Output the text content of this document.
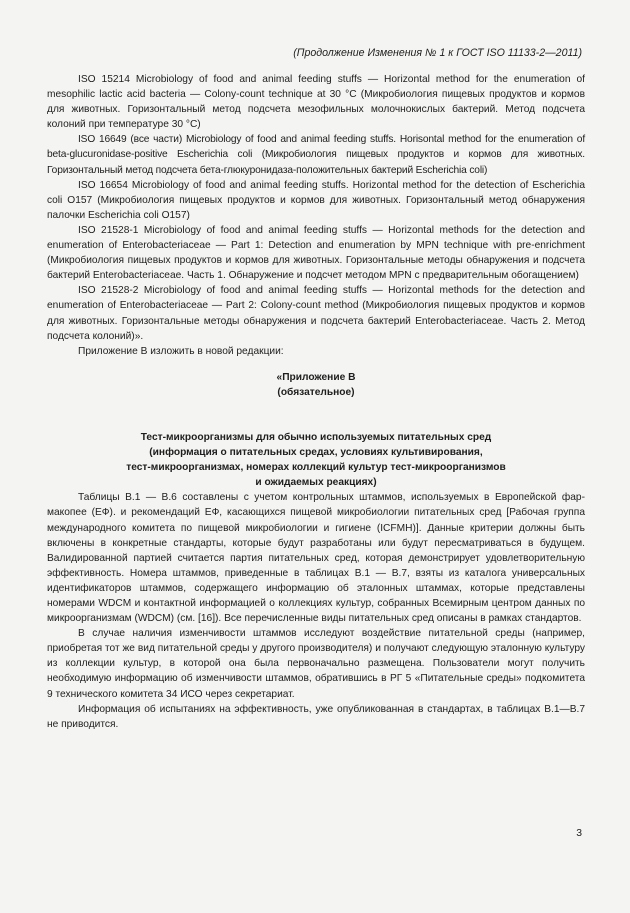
(Продолжение Изменения № 1 к ГОСТ ISO 11133-2—2011)

ISO 15214 Microbiology of food and animal feeding stuffs — Horizontal method for the enumeration of mesophilic lactic acid bacteria — Colony-count technique at 30 °С (Микробиология пищевых продуктов и кормов для животных. Горизонтальный метод подсчета мезофильных молочнокислых бактерий. Метод подсчета колоний при температуре 30 °С)

ISO 16649 (все части) Microbiology of food and animal feeding stuffs. Horisontal method for the enumeration of beta-glucuronidase-positive Escherichia coli (Микробиология пищевых продуктов и кормов для животных. Горизонтальный метод подсчета бета-глюкуронидаза-положительных бактерий Escherichia coli)

ISO 16654 Microbiology of food and animal feeding stuffs. Horizontal method for the detection of Escherichia coli O157 (Микробиология пищевых продуктов и кормов для животных. Горизонтальный метод обнаружения палочки Escherichia coli O157)

ISO 21528-1 Microbiology of food and animal feeding stuffs — Horizontal methods for the detection and enumeration of Enterobacteriaceae — Part 1: Detection and enumeration by MPN technique with pre-enrichment (Микробиология пищевых продуктов и кормов для животных. Горизонтальные методы обнаружения и подсчета бактерий Enterobacteriaceae. Часть 1. Обнаружение и подсчет методом MPN с предварительным обогащением)

ISO 21528-2 Microbiology of food and animal feeding stuffs — Horizontal methods for the detection and enumeration of Enterobacteriaceae — Part 2: Colony-count method (Микробиология пищевых продуктов и кормов для животных. Горизонтальные методы обнаружения и подсчета бактерий Enterobacteriaceae. Часть 2. Метод подсчета колоний)».

Приложение В изложить в новой редакции:

«Приложение В
(обязательное)
Тест-микроорганизмы для обычно используемых питательных сред
(информация о питательных средах, условиях культивирования,
тест-микроорганизмах, номерах коллекций культур тест-микроорганизмов
и ожидаемых реакциях)

Таблицы В.1 — В.6 составлены с учетом контрольных штаммов, используемых в Европейской фармакопее (ЕФ). и рекомендаций ЕФ, касающихся пищевой микробиологии питательных сред [Рабочая группа международного комитета по пищевой микробиологии и гигиене (ICFMH)]. Данные критерии должны быть включены в конкретные стандарты, которые будут разработаны или будут пересматриваться в будущем. Валидированной партией считается партия питательных сред, которая демонстрирует удовлетворительную эффективность. Номера штаммов, приведенные в таблицах В.1 — В.7, взяты из каталога универсальных идентификаторов штаммов, содержащего информацию об эталонных штаммах, которые представлены номерами WDCM и контактной информацией о коллекциях культур, собранных Всемирным центром данных по микроорганизмам (WDCM) (см. [16]). Все перечисленные виды питательных сред описаны в рамках стандартов.

В случае наличия изменчивости штаммов исследуют воздействие питательной среды (например, приобретая тот же вид питательной среды у другого производителя) и получают следующую эталонную культуру из коллекции культур, в которой она была первоначально размещена. Пользователи могут получить необходимую информацию об изменчивости штаммов, обратившись в РГ 5 «Питательные среды» подкомитета 9 технического комитета 34 ИСО через секретариат.

Информация об испытаниях на эффективность, уже опубликованная в стандартах, в таблицах В.1—В.7 не приводится.

3
